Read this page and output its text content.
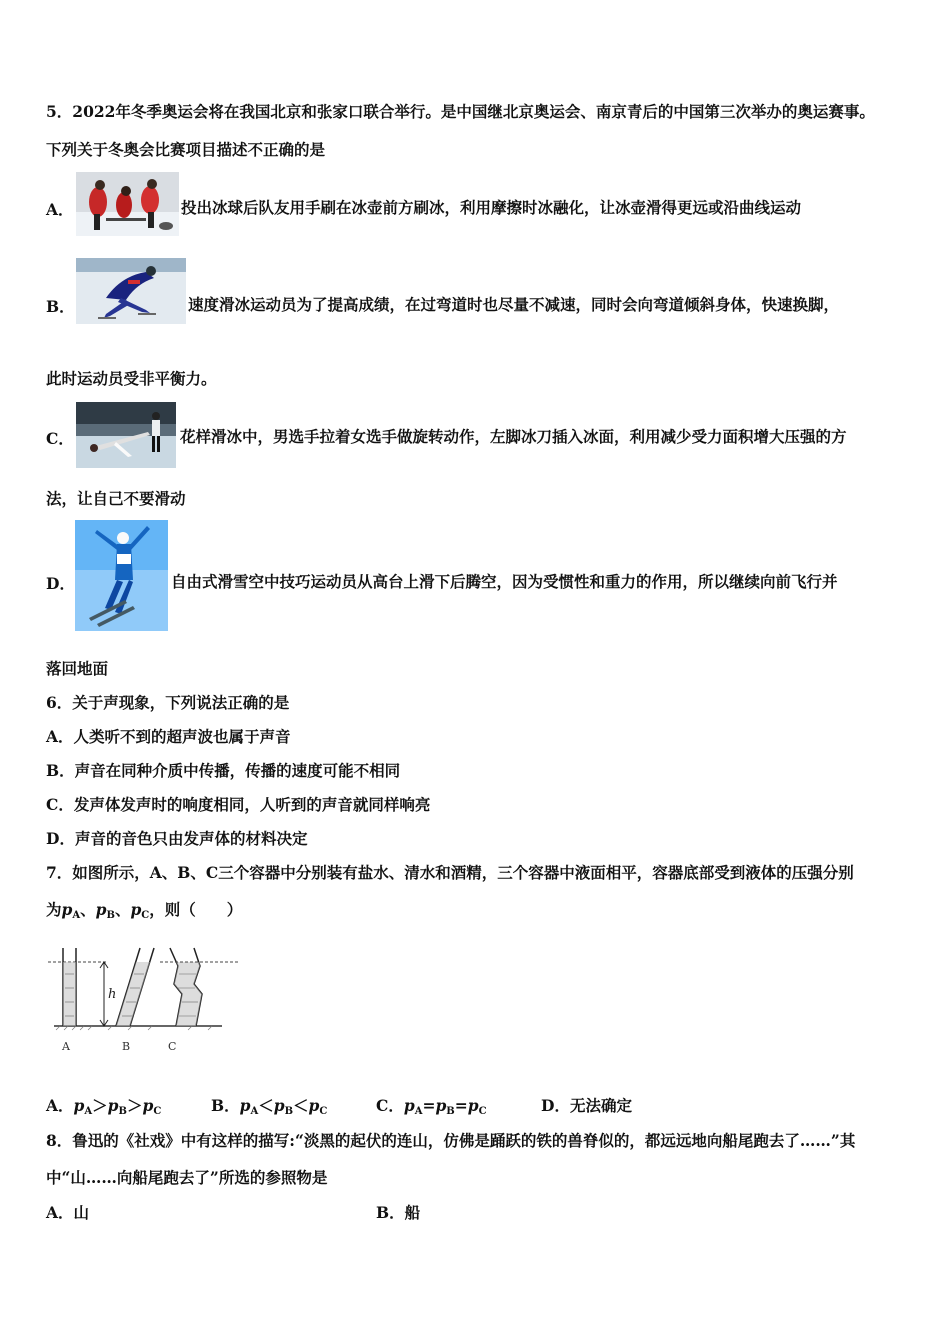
5．2022年冬季奥运会将在我国北京和张家口联合举行。是中国继北京奥运会、南京青后的中国第三次举办的奥运赛事。
下列关于冬奥会比赛项目描述不正确的是
A．	投出冰球后队友用手刷在冰壶前方刷冰，利用摩擦时冰融化，让冰壶滑得更远或沿曲线运动
B．	速度滑冰运动员为了提高成绩，在过弯道时也尽量不减速，同时会向弯道倾斜身体，快速换脚，
此时运动员受非平衡力。
C．	花样滑冰中，男选手拉着女选手做旋转动作，左脚冰刀插入冰面，利用减少受力面积增大压强的方
法，让自己不要滑动
D．	自由式滑雪空中技巧运动员从高台上滑下后腾空，因为受惯性和重力的作用，所以继续向前飞行并
落回地面
6．关于声现象，下列说法正确的是
A．人类听不到的超声波也属于声音
B．声音在同种介质中传播，传播的速度可能不相同
C．发声体发声时的响度相同，人听到的声音就同样响亮
D．声音的音色只由发声体的材料决定
7．如图所示，A、B、C三个容器中分别装有盐水、清水和酒精，三个容器中液面相平，容器底部受到液体的压强分别
为$p_A$、$p_B$、$p_C$，则（　　）
h
A	B	C
A．$p_A>p_B>p_C$	B．$p_A<p_B<p_C$	C．$p_A=p_B=p_C$	D．无法确定
8．鲁迅的《社戏》中有这样的描写:“淡黑的起伏的连山，仿佛是踊跃的铁的兽脊似的，都远远地向船尾跑去了……”其
中“山……向船尾跑去了”所选的参照物是
A．山	B．船
